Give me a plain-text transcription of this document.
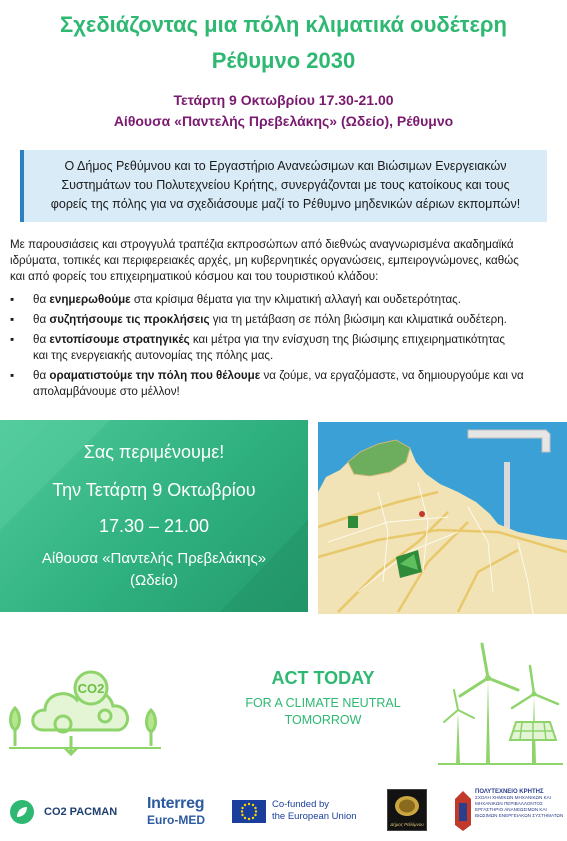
Σχεδιάζοντας μια πόλη κλιματικά ουδέτερη
Ρέθυμνο 2030
Τετάρτη 9 Οκτωβρίου 17.30-21.00
Αίθουσα «Παντελής Πρεβελάκης» (Ωδείο), Ρέθυμνο
Ο Δήμος Ρεθύμνου και το Εργαστήριο Ανανεώσιμων και Βιώσιμων Ενεργειακών
Συστημάτων του Πολυτεχνείου Κρήτης, συνεργάζονται με τους κατοίκους και τους
φορείς της πόλης για να σχεδιάσουμε μαζί το Ρέθυμνο μηδενικών αέριων εκπομπών!
Με παρουσιάσεις και στρογγυλά τραπέζια εκπροσώπων από διεθνώς αναγνωρισμένα ακαδημαϊκά
ιδρύματα, τοπικές και περιφερειακές αρχές, μη κυβερνητικές οργανώσεις, εμπειρογνώμονες, καθώς
και από φορείς του επιχειρηματικού κόσμου και του τουριστικού κλάδου:
▪ θα ενημερωθούμε στα κρίσιμα θέματα για την κλιματική αλλαγή και ουδετερότητας.
▪ θα συζητήσουμε τις προκλήσεις για τη μετάβαση σε πόλη βιώσιμη και κλιματικά ουδέτερη.
▪ θα εντοπίσουμε στρατηγικές και μέτρα για την ενίσχυση της βιώσιμης επιχειρηματικότητας
και της ενεργειακής αυτονομίας της πόλης μας.
▪ θα οραματιστούμε την πόλη που θέλουμε να ζούμε, να εργαζόμαστε, να δημιουργούμε και να
απολαμβάνουμε στο μέλλον!
Σας περιμένουμε!
Την Τετάρτη 9 Οκτωβρίου
17.30 – 21.00
Αίθουσα «Παντελής Πρεβελάκης»
(Ωδείο)
CO2
ACT TODAY
FOR A CLIMATE NEUTRAL
TOMORROW
CO2 PACMAN Interreg
Euro-MED
Co-funded by
the European Union
Δήμος Ρεθύμνου
ΠΟΛΥΤΕΧΝΕΙΟ ΚΡΗΤΗΣ
ΣΧΟΛΗ ΧΗΜΙΚΩΝ ΜΗΧΑΝΙΚΩΝ ΚΑΙ
ΜΗΧΑΝΙΚΩΝ ΠΕΡΙΒΑΛΛΟΝΤΟΣ
ΕΡΓΑΣΤΗΡΙΟ ΑΝΑΝΕΩΣΙΜΩΝ ΚΑΙ
ΒΙΩΣΙΜΩΝ ΕΝΕΡΓΕΙΑΚΩΝ ΣΥΣΤΗΜΑΤΩΝ
